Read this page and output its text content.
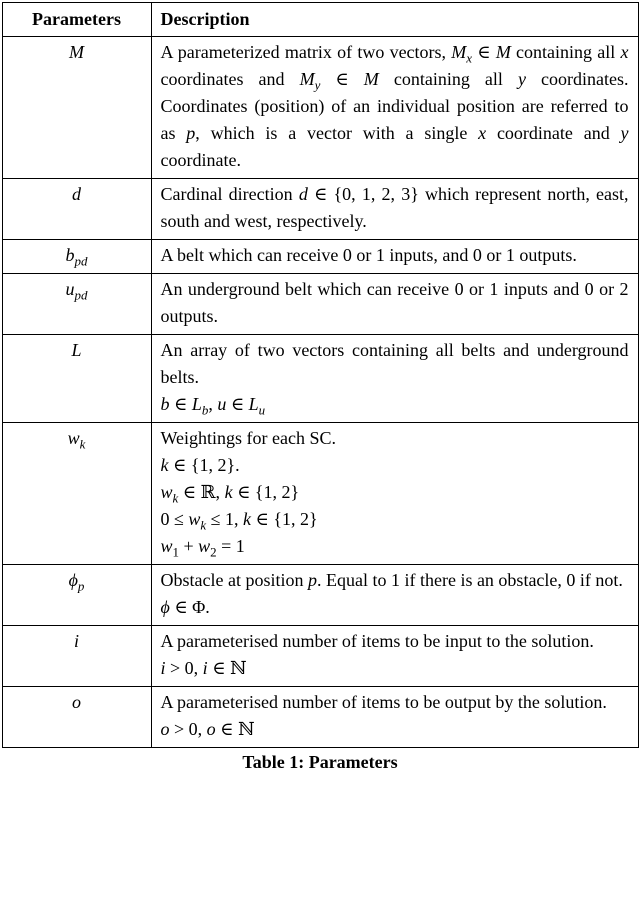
Parameters	Description
M	A parameterized matrix of two vectors, $M_x$ ∈ M containing all x coordinates and $M_y$ ∈ M containing all y coordinates. Coordinates (position) of an individual position are referred to as p, which is a vector with a single x coordinate and y coordinate.

d	Cardinal direction d ∈ {0, 1, 2, 3} which represent north, east, south and west, respectively.

$b_{pd}$	A belt which can receive 0 or 1 inputs, and 0 or 1 outputs.

$u_{pd}$	An underground belt which can receive 0 or 1 inputs and 0 or 2 outputs.

L	An array of two vectors containing all belts and underground belts.
b ∈ $L_b$, u ∈ $L_u$

$w_k$	Weightings for each SC.
k ∈ {1, 2}.
$w_k$ ∈ ℝ, k ∈ {1, 2}
$0 \le w_k \le 1$, k ∈ {1, 2}
$w_1 + w_2 = 1$

$\phi_p$	Obstacle at position p. Equal to 1 if there is an obstacle, 0 if not.
ϕ ∈ Φ.

i	A parameterised number of items to be input to the solution.
i > 0, i ∈ ℕ

o	A parameterised number of items to be output by the solution.
o > 0, o ∈ ℕ
Table 1: Parameters
